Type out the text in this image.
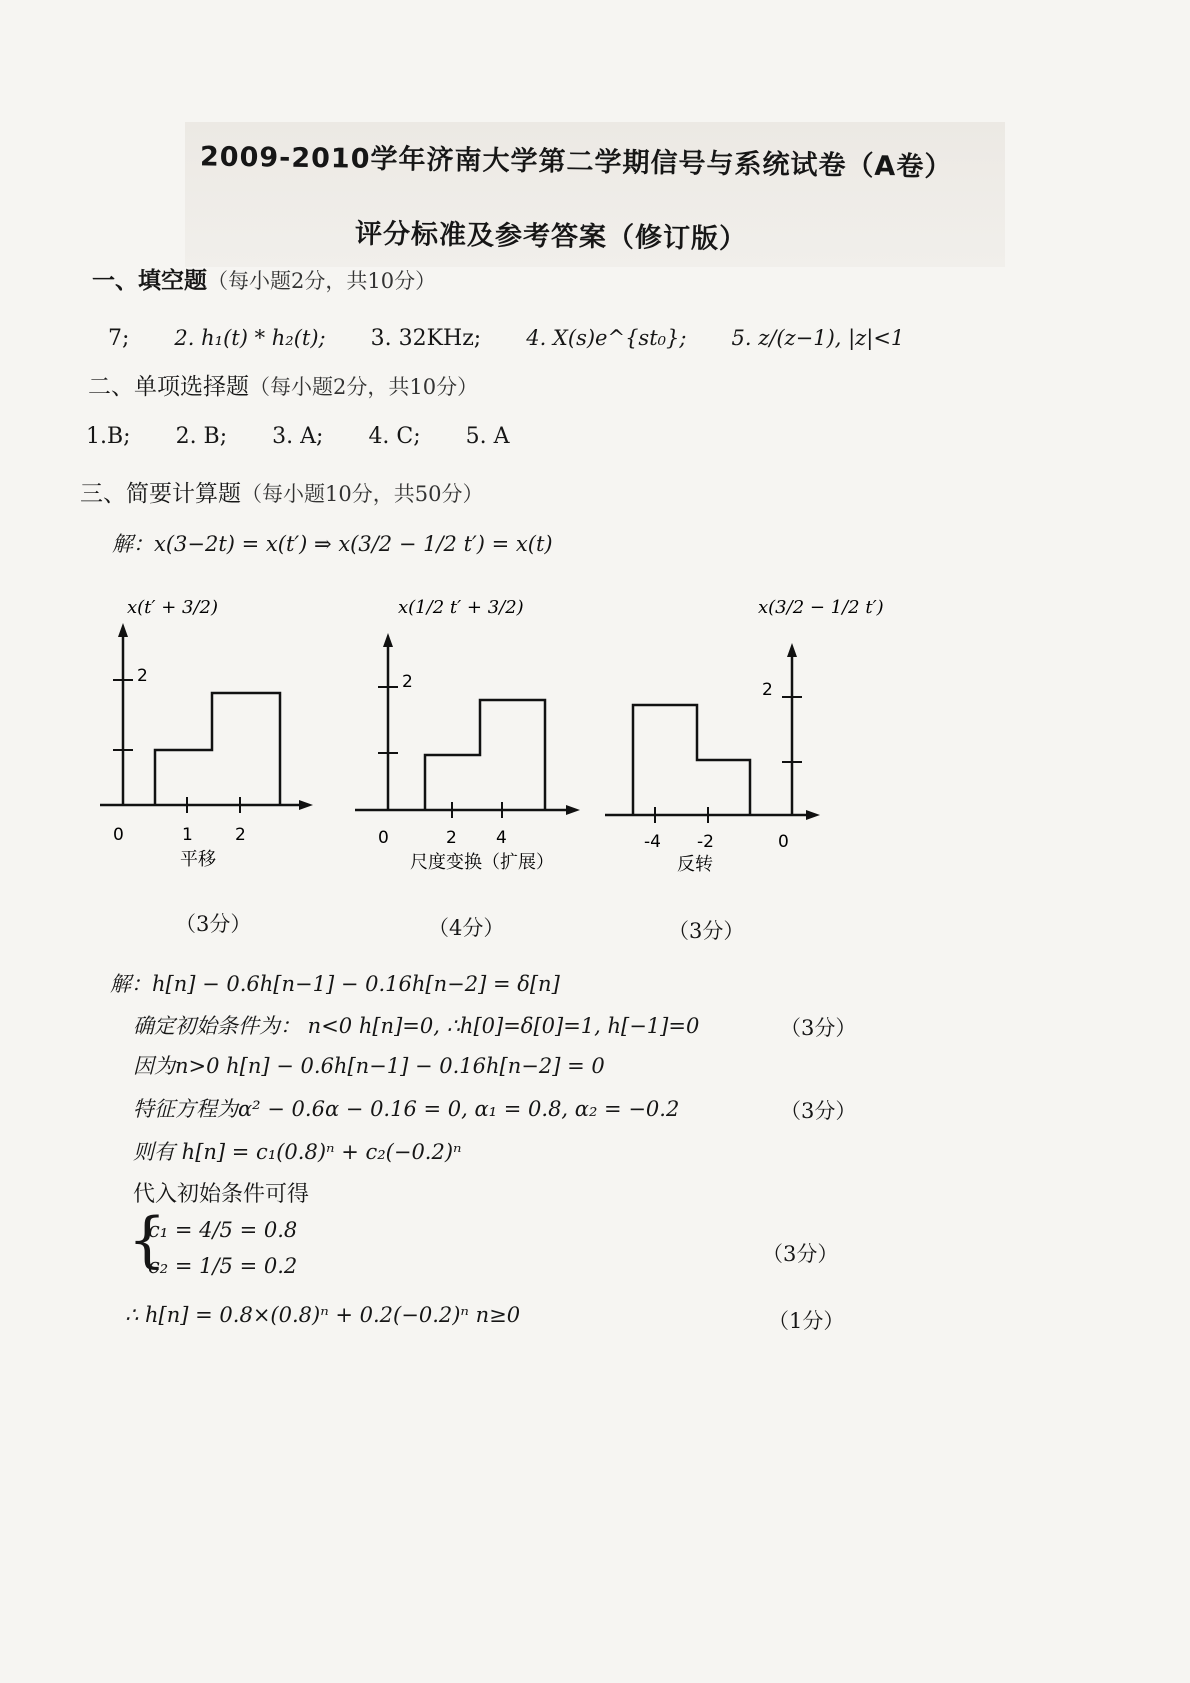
2009-2010学年济南大学第二学期信号与系统试卷（A卷）
评分标准及参考答案（修订版）
一、填空题（每小题2分，共10分）
7; 2. h₁(t) * h₂(t); 3. 32KHz; 4. X(s)e^{st₀}; 5. z/(z−1), |z|<1
二、单项选择题（每小题2分，共10分）
1.B; 2. B; 3. A; 4. C; 5. A
三、简要计算题（每小题10分，共50分）
解：x(3−2t) = x(t′) ⇒ x(3/2 − 1/2 t′) = x(t)
x(t′ + 3/2)
2
0	1 2
平移
x(1/2 t′ + 3/2)
2
0	2 4
尺度变换（扩展）
x(3/2 − 1/2 t′)
2
-4 -2	0
反转
（3分）	（4分）	（3分）
解：h[n] − 0.6h[n−1] − 0.16h[n−2] = δ[n]
确定初始条件为： n<0 h[n]=0, ∴h[0]=δ[0]=1, h[−1]=0	（3分）
因为n>0 h[n] − 0.6h[n−1] − 0.16h[n−2] = 0
特征方程为α² − 0.6α − 0.16 = 0, α₁ = 0.8, α₂ = −0.2	（3分）
则有 h[n] = c₁(0.8)ⁿ + c₂(−0.2)ⁿ
代入初始条件可得
{
c₁ = 4/5 = 0.8
c₂ = 1/5 = 0.2	（3分）
∴ h[n] = 0.8×(0.8)ⁿ + 0.2(−0.2)ⁿ n≥0	（1分）
